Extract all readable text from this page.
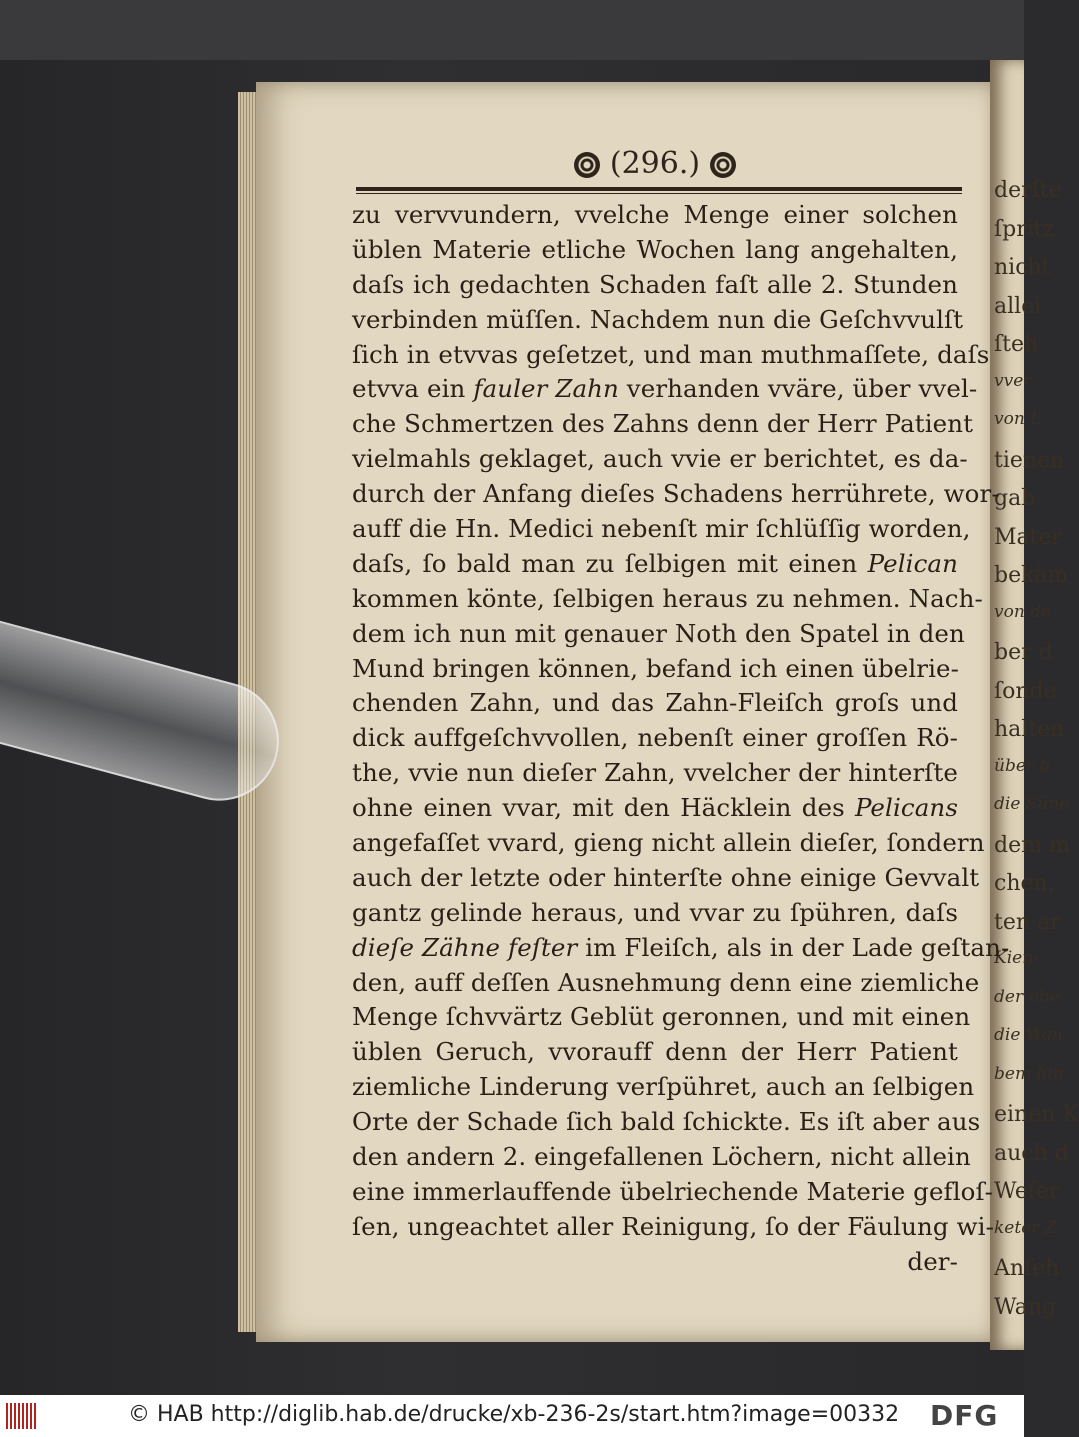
derſte
ſpritz
nicht
allei
ſteh
vver
von L
tienen
gab
Mater
bekäm
von de
ber d
ſonde
halten
über b
die Süne
dem m
chen,
ten ar
Kien-
der obe
die Wan
bem hin
einen K
auch d
Weſer
keter Z
Anſeh
Wang
(296.)
zu vervvundern, vvelche Menge einer solchen
üblen Materie etliche Wochen lang angehalten,
daſs ich gedachten Schaden faſt alle 2. Stunden
verbinden müſſen. Nachdem nun die Geſchvvulſt
ſich in etvvas geſetzet, und man muthmaſſete, daſs
etvva ein fauler Zahn verhanden vväre, über vvel-
che Schmertzen des Zahns denn der Herr Patient
vielmahls geklaget, auch vvie er berichtet, es da-
durch der Anfang dieſes Schadens herrührete, wor-
auff die Hn. Medici nebenſt mir ſchlüſſig worden,
daſs, ſo bald man zu ſelbigen mit einen Pelican
kommen könte, ſelbigen heraus zu nehmen. Nach-
dem ich nun mit genauer Noth den Spatel in den
Mund bringen können, befand ich einen übelrie-
chenden Zahn, und das Zahn-Fleiſch groſs und
dick auffgeſchvvollen, nebenſt einer groſſen Rö-
the, vvie nun dieſer Zahn, vvelcher der hinterſte
ohne einen vvar, mit den Häcklein des Pelicans
angefaſſet vvard, gieng nicht allein dieſer, ſondern
auch der letzte oder hinterſte ohne einige Gevvalt
gantz gelinde heraus, und vvar zu ſpühren, daſs
dieſe Zähne feſter im Fleiſch, als in der Lade geſtan-
den, auff deſſen Ausnehmung denn eine ziemliche
Menge ſchvvärtz Geblüt geronnen, und mit einen
üblen Geruch, vvorauff denn der Herr Patient
ziemliche Linderung verſpühret, auch an ſelbigen
Orte der Schade ſich bald ſchickte. Es iſt aber aus
den andern 2. eingefallenen Löchern, nicht allein
eine immerlauffende übelriechende Materie gefloſ-
ſen, ungeachtet aller Reinigung, ſo der Fäulung wi-
der-
© HAB http://diglib.hab.de/drucke/xb-236-2s/start.htm?image=00332 DFG
